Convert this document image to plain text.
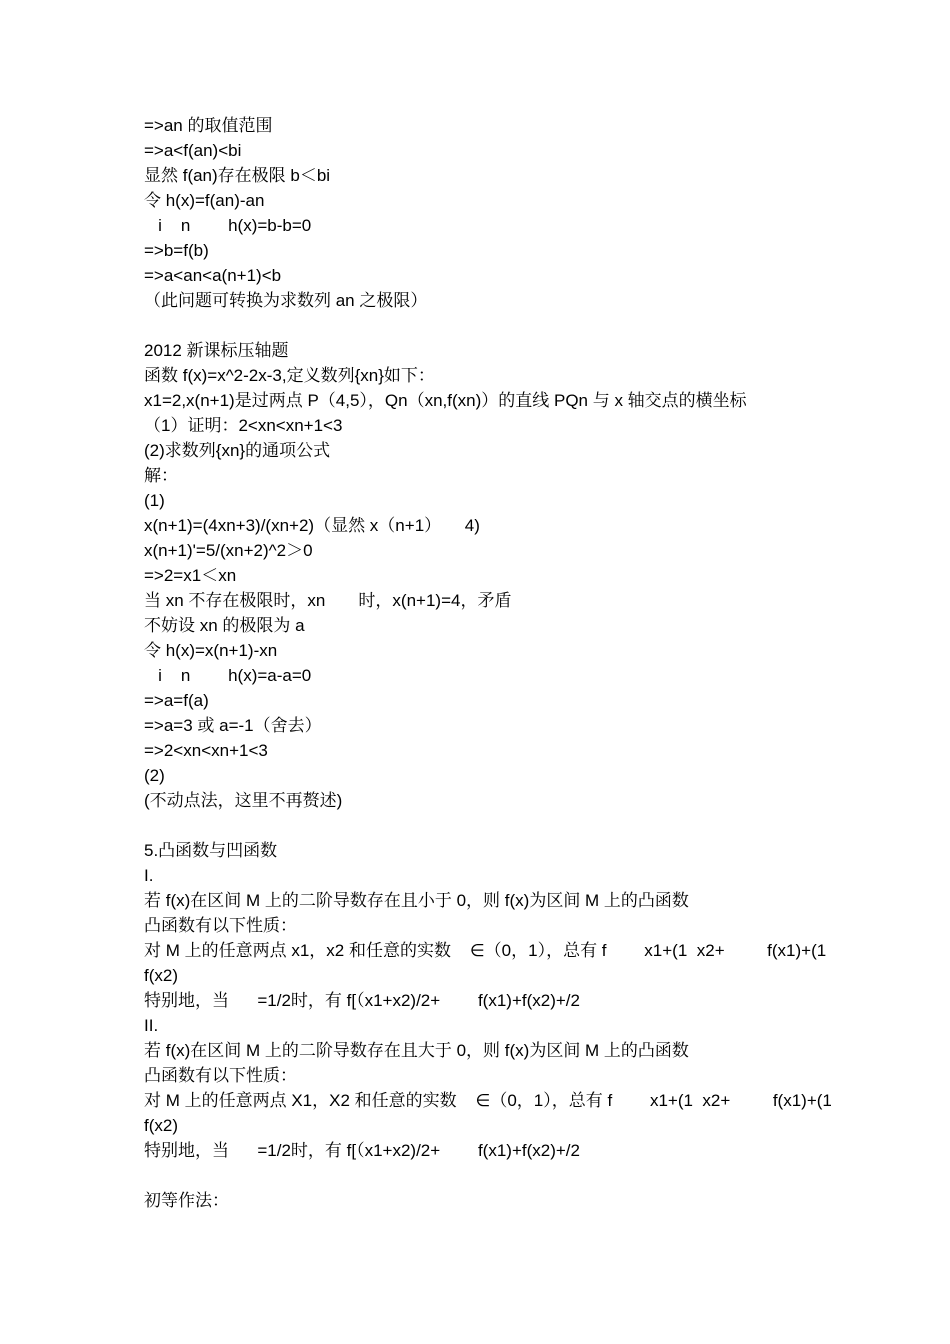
=>an 的取值范围
=>a<f(an)<bi
显然 f(an)存在极限 b＜bi
令 h(x)=f(an)-an
i    n        h(x)=b-b=0
=>b=f(b)
=>a<an<a(n+1)<b
（此问题可转换为求数列 an 之极限）
2012 新课标压轴题
函数 f(x)=x^2-2x-3,定义数列{xn}如下：
x1=2,x(n+1)是过两点 P（4,5），Qn（xn,f(xn)）的直线 PQn 与 x 轴交点的横坐标
（1）证明：2<xn<xn+1<3
(2)求数列{xn}的通项公式
解：
(1)
x(n+1)=(4xn+3)/(xn+2)（显然 x（n+1）     4)
x(n+1)'=5/(xn+2)^2＞0
=>2=x1＜xn
当 xn 不存在极限时，xn       时，x(n+1)=4，矛盾
不妨设 xn 的极限为 a
令 h(x)=x(n+1)-xn
i    n        h(x)=a-a=0
=>a=f(a)
=>a=3 或 a=-1（舍去）
=>2<xn<xn+1<3
(2)
(不动点法，这里不再赘述)
5.凸函数与凹函数
I.
若 f(x)在区间 M 上的二阶导数存在且小于 0，则 f(x)为区间 M 上的凸函数
凸函数有以下性质：
对 M 上的任意两点 x1，x2 和任意的实数    ∈（0，1），总有 f        x1+(1  x2+         f(x1)+(1
f(x2)
特别地，当      =1/2时，有 f[（x1+x2)/2+        f(x1)+f(x2)+/2
II.
若 f(x)在区间 M 上的二阶导数存在且大于 0，则 f(x)为区间 M 上的凸函数
凸函数有以下性质：
对 M 上的任意两点 X1，X2 和任意的实数    ∈（0，1），总有 f        x1+(1  x2+         f(x1)+(1
f(x2)
特别地，当      =1/2时，有 f[（x1+x2)/2+        f(x1)+f(x2)+/2
初等作法：
